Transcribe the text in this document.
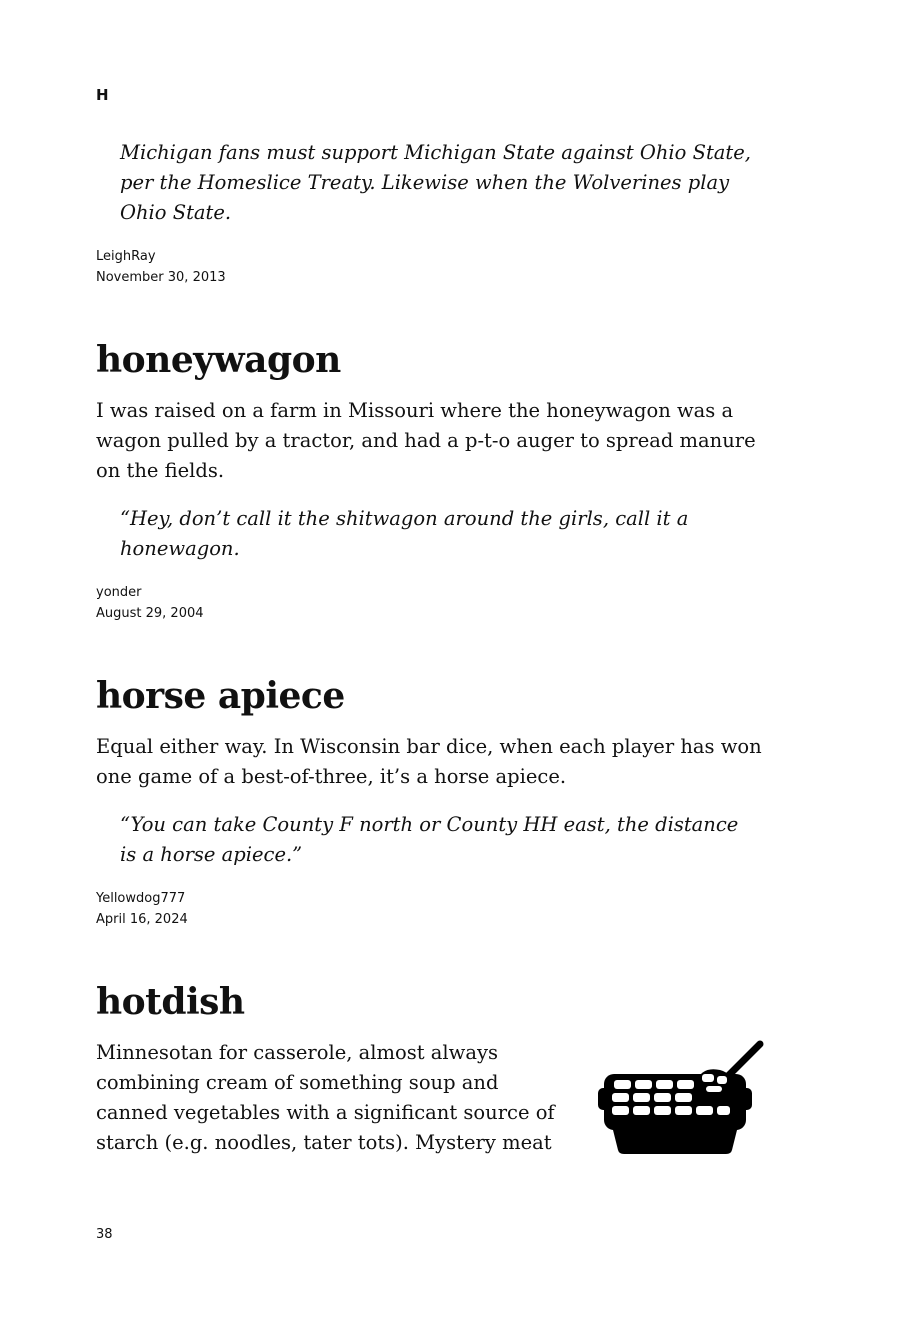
H

Michigan fans must support Michigan State against Ohio State, per the Homeslice Treaty. Likewise when the Wolverines play Ohio State.

LeighRay

November 30, 2013

honeywagon

I was raised on a farm in Missouri where the honeywagon was a wagon pulled by a tractor, and had a p-t-o auger to spread manure on the fields.

“Hey, don’t call it the shitwagon around the girls, call it a honewagon.

yonder

August 29, 2004

horse apiece

Equal either way. In Wisconsin bar dice, when each player has won one game of a best-of-three, it’s a horse apiece.

“You can take County F north or County HH east, the distance is a horse apiece.”

Yellowdog777

April 16, 2024

hotdish

Minnesotan for casserole, almost always combining cream of something soup and canned vegetables with a significant source of starch (e.g. noodles, tater tots). Mystery meat

38
